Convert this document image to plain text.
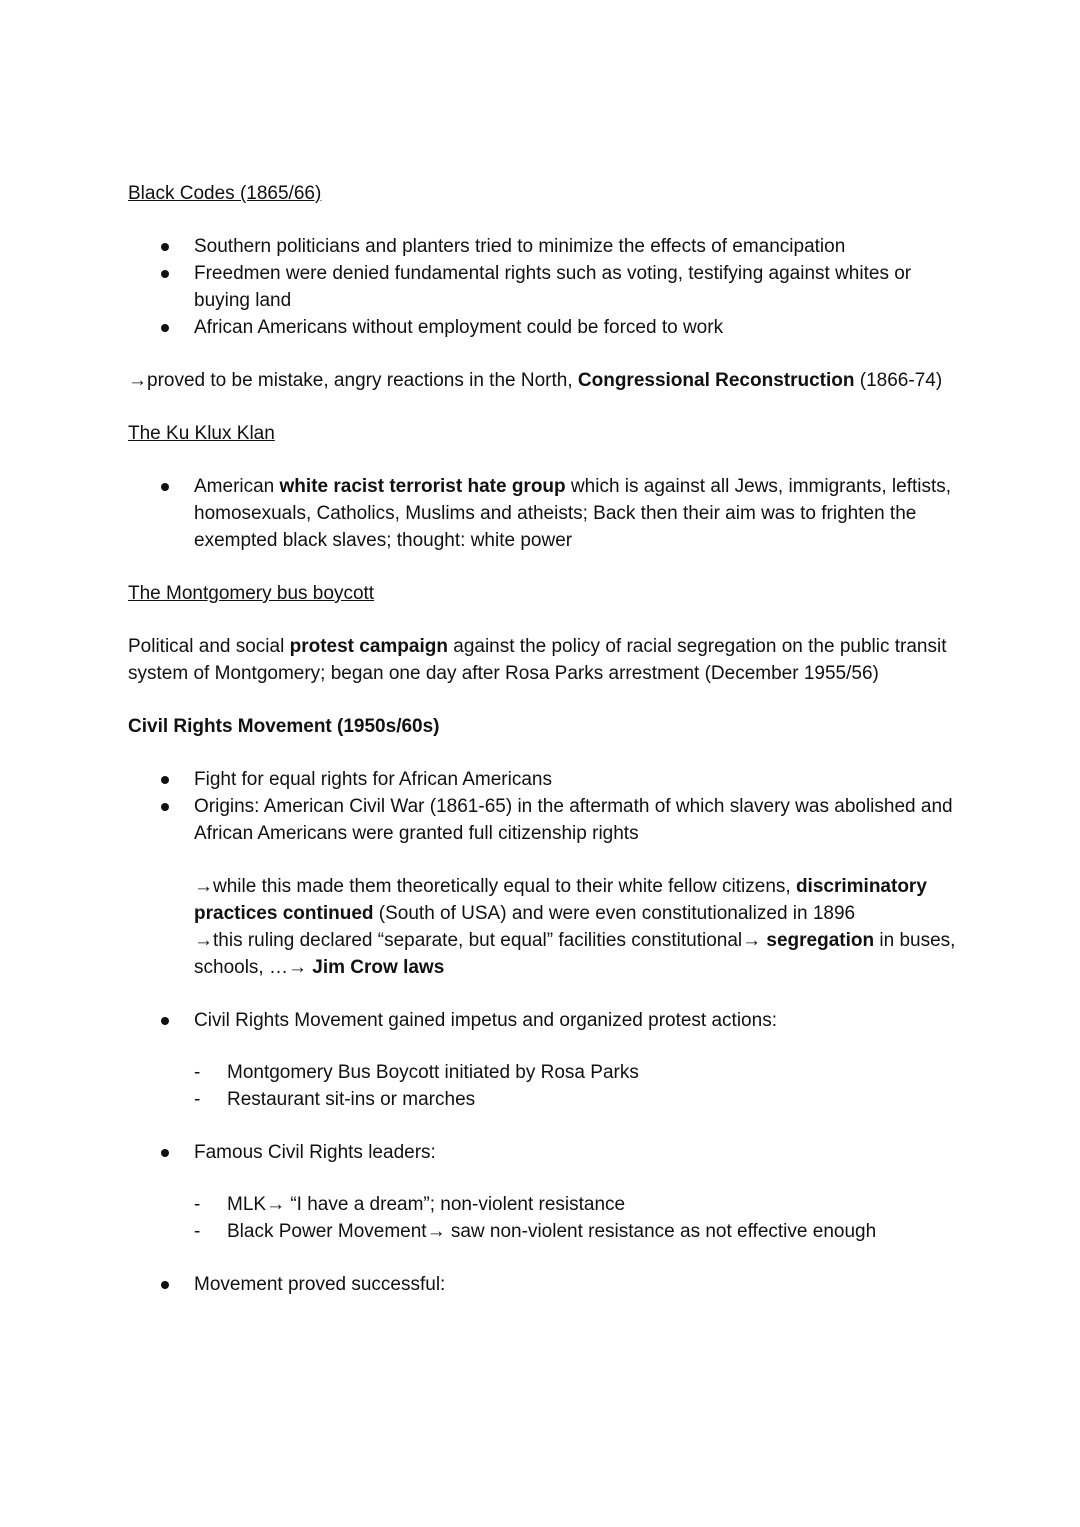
Black Codes (1865/66)

Southern politicians and planters tried to minimize the effects of emancipation
Freedmen were denied fundamental rights such as voting, testifying against whites or buying land
African Americans without employment could be forced to work

→proved to be mistake, angry reactions in the North, Congressional Reconstruction (1866-74)

The Ku Klux Klan

American white racist terrorist hate group which is against all Jews, immigrants, leftists, homosexuals, Catholics, Muslims and atheists; Back then their aim was to frighten the exempted black slaves; thought: white power

The Montgomery bus boycott

Political and social protest campaign against the policy of racial segregation on the public transit system of Montgomery; began one day after Rosa Parks arrestment (December 1955/56)

Civil Rights Movement (1950s/60s)

Fight for equal rights for African Americans
Origins: American Civil War (1861-65) in the aftermath of which slavery was abolished and African Americans were granted full citizenship rights

→while this made them theoretically equal to their white fellow citizens, discriminatory practices continued (South of USA) and were even constitutionalized in 1896

→this ruling declared “separate, but equal” facilities constitutional→ segregation in buses, schools, …→ Jim Crow laws

Civil Rights Movement gained impetus and organized protest actions:
- Montgomery Bus Boycott initiated by Rosa Parks
- Restaurant sit-ins or marches
Famous Civil Rights leaders:
- MLK→ “I have a dream”; non-violent resistance
- Black Power Movement→ saw non-violent resistance as not effective enough
Movement proved successful:
